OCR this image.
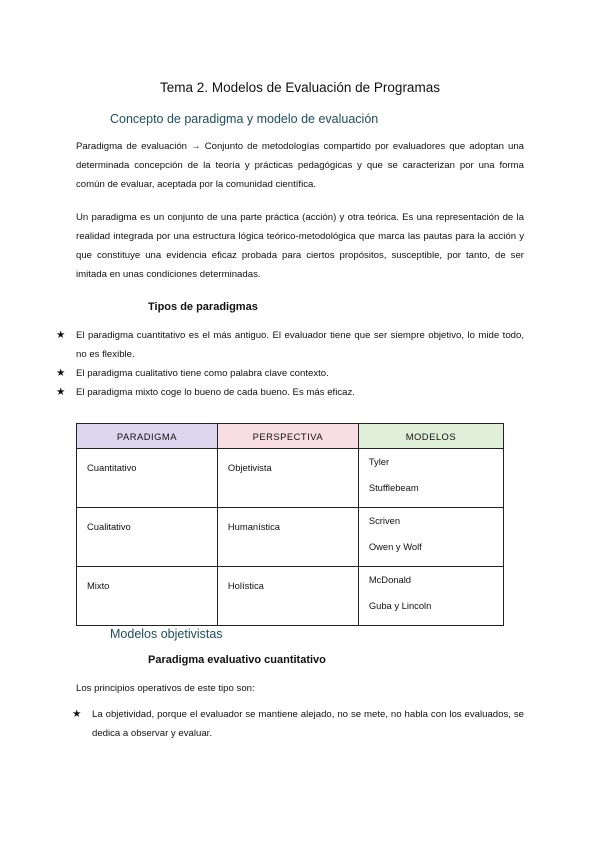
Tema 2. Modelos de Evaluación de Programas
Concepto de paradigma y modelo de evaluación

Paradigma de evaluación → Conjunto de metodologías compartido por evaluadores que adoptan una determinada concepción de la teoría y prácticas pedagógicas y que se caracterizan por una forma común de evaluar, aceptada por la comunidad científica.

Un paradigma es un conjunto de una parte práctica (acción) y otra teórica. Es una representación de la realidad integrada por una estructura lógica teórico-metodológica que marca las pautas para la acción y que constituye una evidencia eficaz probada para ciertos propósitos, susceptible, por tanto, de ser imitada en unas condiciones determinadas.

Tipos de paradigmas
★ El paradigma cuantitativo es el más antiguo. El evaluador tiene que ser siempre objetivo, lo mide todo, no es flexible.
★ El paradigma cualitativo tiene como palabra clave contexto.
★ El paradigma mixto coge lo bueno de cada bueno. Es más eficaz.
PARADIGMA	PERSPECTIVA	MODELOS
Cuantitativo	Objetivista	Tyler
Stufflebeam

Cualitativo	Humanística	Scriven
Owen y Wolf

Mixto	Holística	McDonald
Guba y Lincoln
Modelos objetivistas
Paradigma evaluativo cuantitativo

Los principios operativos de este tipo son:

★ La objetividad, porque el evaluador se mantiene alejado, no se mete, no habla con los evaluados, se dedica a observar y evaluar.
